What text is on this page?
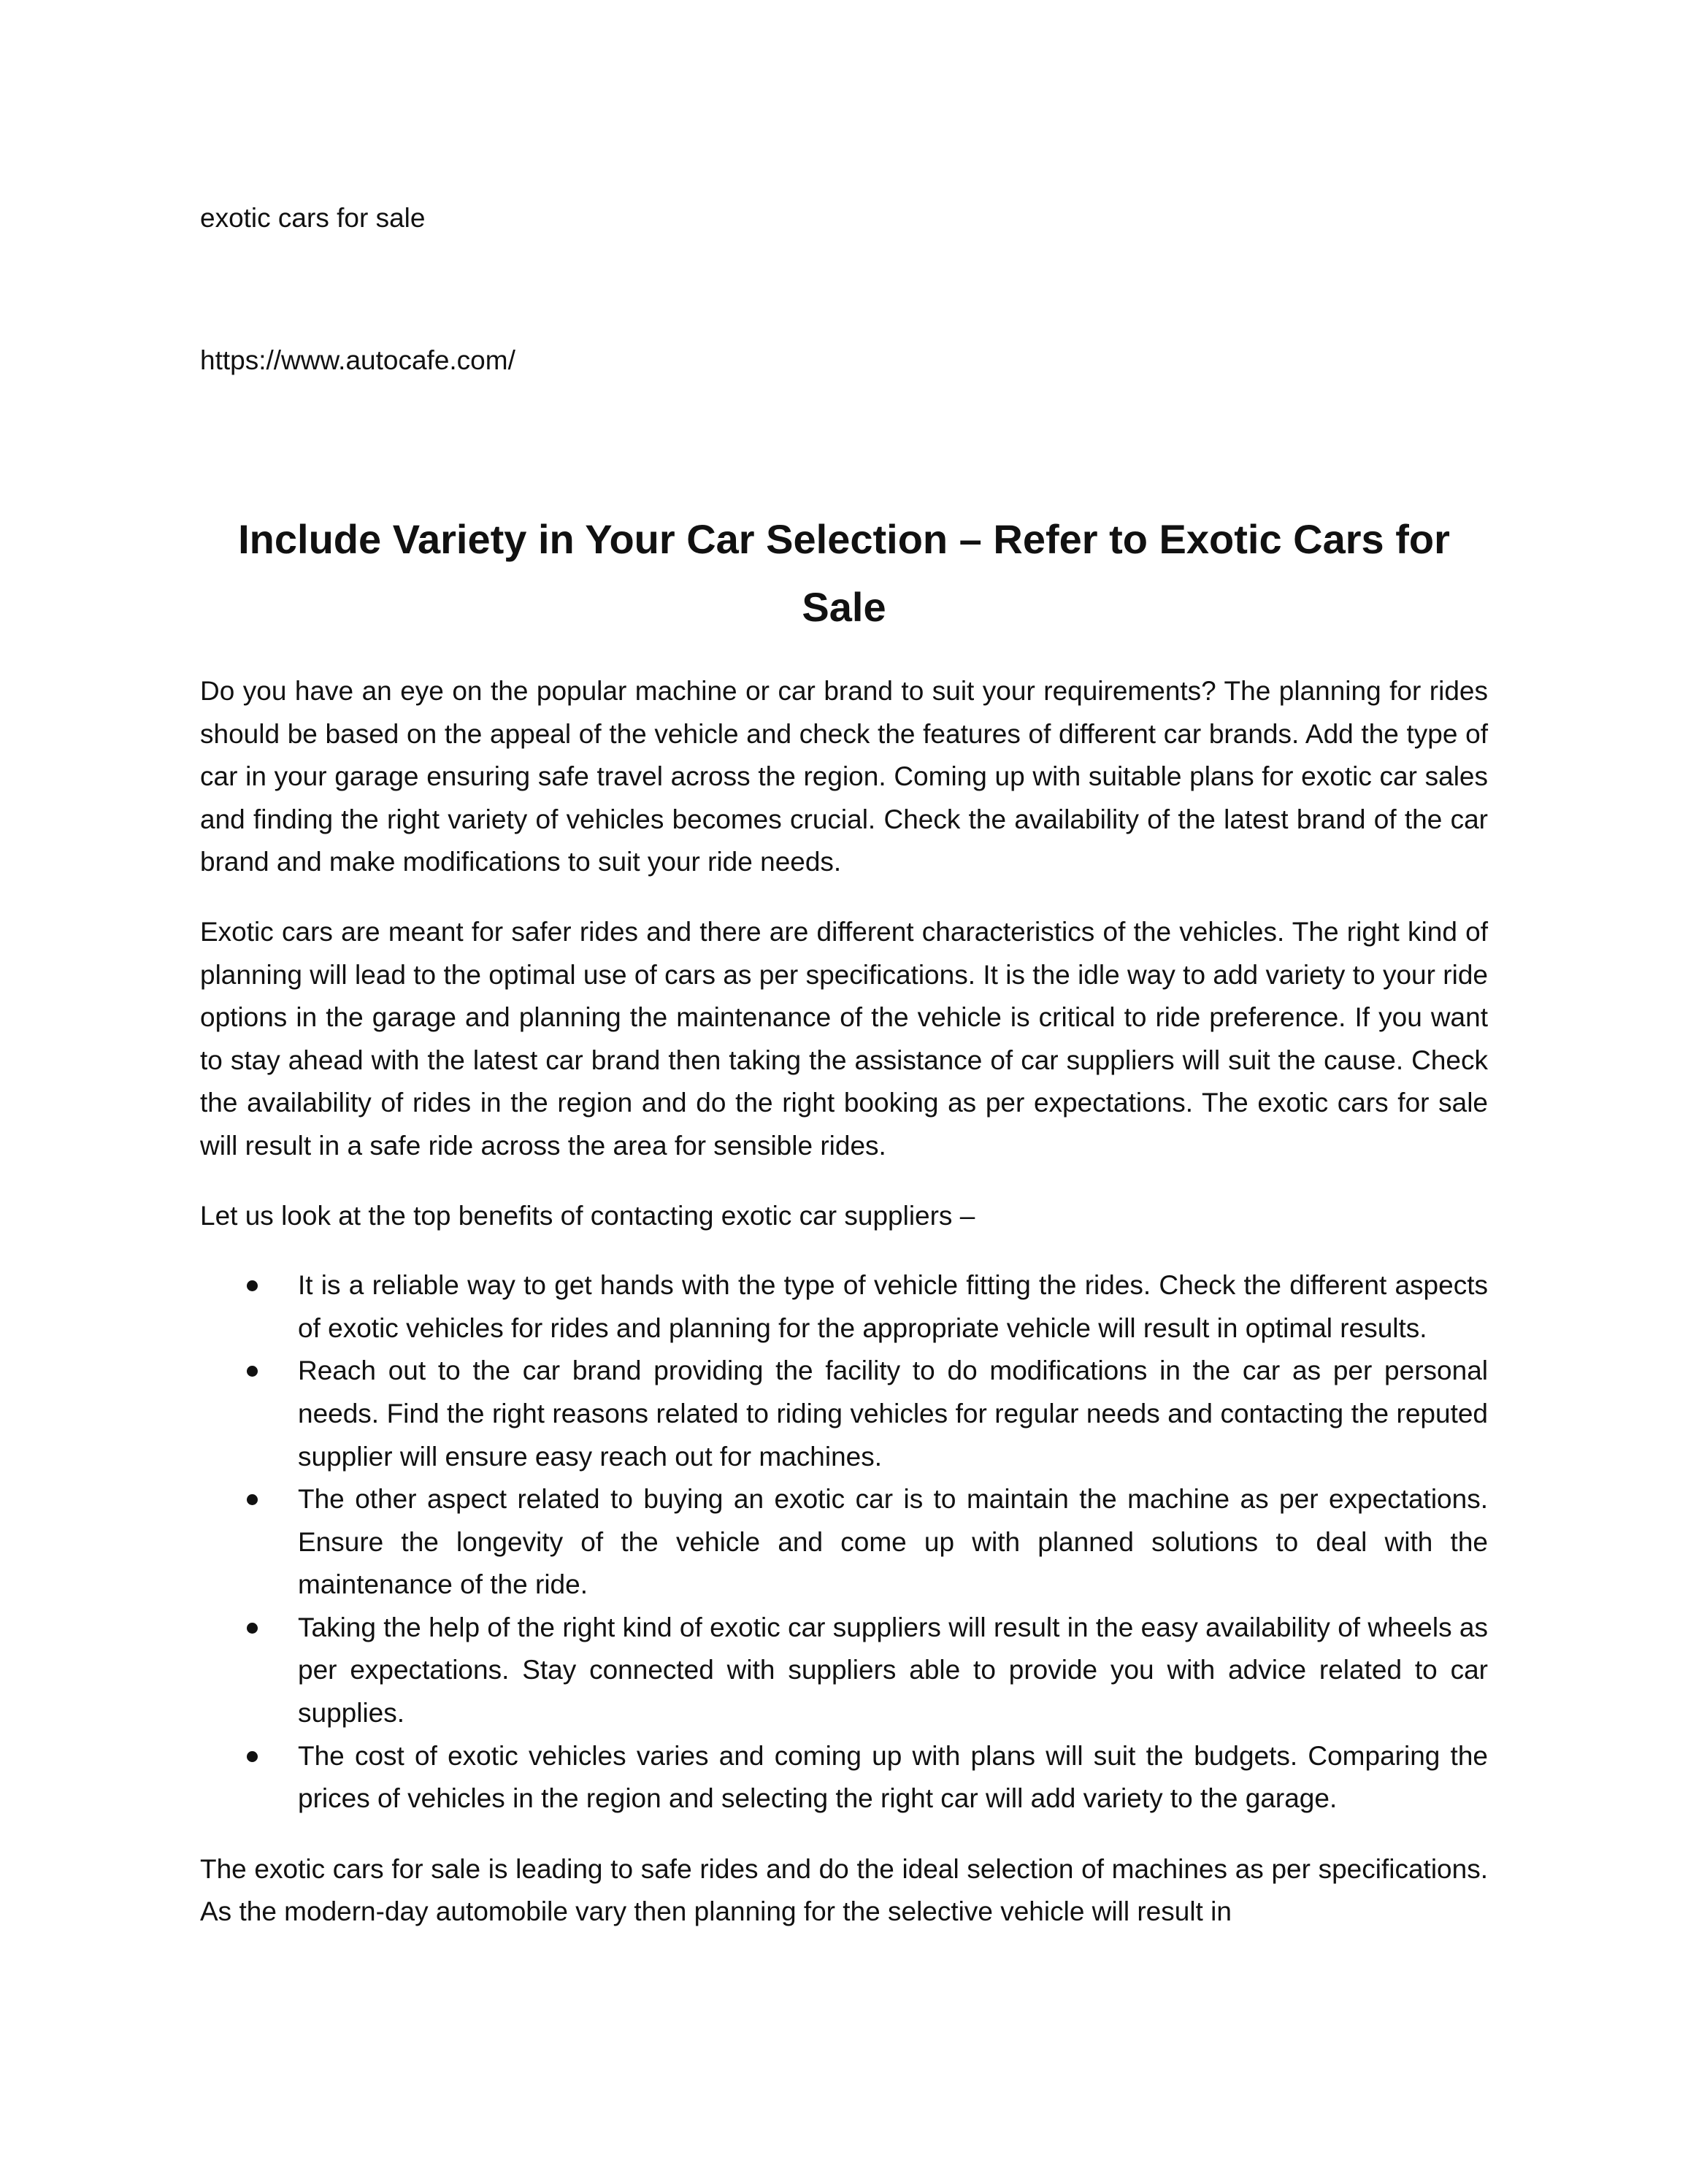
exotic cars for sale

https://www.autocafe.com/
Include Variety in Your Car Selection – Refer to Exotic Cars for Sale

Do you have an eye on the popular machine or car brand to suit your requirements? The planning for rides should be based on the appeal of the vehicle and check the features of different car brands. Add the type of car in your garage ensuring safe travel across the region. Coming up with suitable plans for exotic car sales and finding the right variety of vehicles becomes crucial. Check the availability of the latest brand of the car brand and make modifications to suit your ride needs.

Exotic cars are meant for safer rides and there are different characteristics of the vehicles. The right kind of planning will lead to the optimal use of cars as per specifications. It is the idle way to add variety to your ride options in the garage and planning the maintenance of the vehicle is critical to ride preference. If you want to stay ahead with the latest car brand then taking the assistance of car suppliers will suit the cause. Check the availability of rides in the region and do the right booking as per expectations. The exotic cars for sale will result in a safe ride across the area for sensible rides.

Let us look at the top benefits of contacting exotic car suppliers –

It is a reliable way to get hands with the type of vehicle fitting the rides. Check the different aspects of exotic vehicles for rides and planning for the appropriate vehicle will result in optimal results.
Reach out to the car brand providing the facility to do modifications in the car as per personal needs. Find the right reasons related to riding vehicles for regular needs and contacting the reputed supplier will ensure easy reach out for machines.
The other aspect related to buying an exotic car is to maintain the machine as per expectations. Ensure the longevity of the vehicle and come up with planned solutions to deal with the maintenance of the ride.
Taking the help of the right kind of exotic car suppliers will result in the easy availability of wheels as per expectations. Stay connected with suppliers able to provide you with advice related to car supplies.
The cost of exotic vehicles varies and coming up with plans will suit the budgets. Comparing the prices of vehicles in the region and selecting the right car will add variety to the garage.

The exotic cars for sale is leading to safe rides and do the ideal selection of machines as per specifications. As the modern-day automobile vary then planning for the selective vehicle will result in
